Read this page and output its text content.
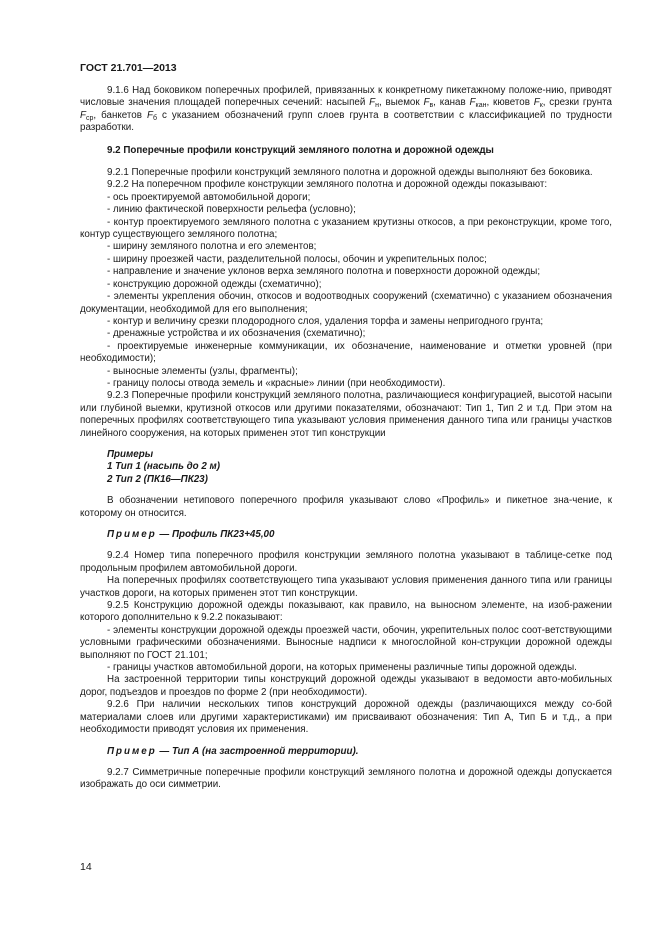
ГОСТ 21.701—2013

9.1.6 Над боковиком поперечных профилей, привязанных к конкретному пикетажному положе-нию, приводят числовые значения площадей поперечных сечений: насыпей $F_н$, выемок $F_в$, канав $F_{кан}$, кюветов $F_к$, срезки грунта $F_{ср}$, банкетов $F_б$ с указанием обозначений групп слоев грунта в соответствии с классификацией по трудности разработки.

9.2 Поперечные профили конструкций земляного полотна и дорожной одежды

9.2.1 Поперечные профили конструкций земляного полотна и дорожной одежды выполняют без боковика.

9.2.2 На поперечном профиле конструкции земляного полотна и дорожной одежды показывают:

- ось проектируемой автомобильной дороги;

- линию фактической поверхности рельефа (условно);

- контур проектируемого земляного полотна с указанием крутизны откосов, а при реконструкции, кроме того, контур существующего земляного полотна;

- ширину земляного полотна и его элементов;

- ширину проезжей части, разделительной полосы, обочин и укрепительных полос;

- направление и значение уклонов верха земляного полотна и поверхности дорожной одежды;

- конструкцию дорожной одежды (схематично);

- элементы укрепления обочин, откосов и водоотводных сооружений (схематично) с указанием обозначения документации, необходимой для его выполнения;

- контур и величину срезки плодородного слоя, удаления торфа и замены непригодного грунта;

- дренажные устройства и их обозначения (схематично);

- проектируемые инженерные коммуникации, их обозначение, наименование и отметки уровней (при необходимости);

- выносные элементы (узлы, фрагменты);

- границу полосы отвода земель и «красные» линии (при необходимости).

9.2.3 Поперечные профили конструкций земляного полотна, различающиеся конфигурацией, высотой насыпи или глубиной выемки, крутизной откосов или другими показателями, обозначают: Тип 1, Тип 2 и т.д. При этом на поперечных профилях соответствующего типа указывают условия применения данного типа или границы участков линейного сооружения, на которых применен этот тип конструкции

Примеры

1 Тип 1 (насыпь до 2 м)

2 Тип 2 (ПК16—ПК23)

В обозначении нетипового поперечного профиля указывают слово «Профиль» и пикетное зна-чение, к которому он относится.

Пример — Профиль ПК23+45,00

9.2.4 Номер типа поперечного профиля конструкции земляного полотна указывают в таблице-сетке под продольным профилем автомобильной дороги.

На поперечных профилях соответствующего типа указывают условия применения данного типа или границы участков дороги, на которых применен этот тип конструкции.

9.2.5 Конструкцию дорожной одежды показывают, как правило, на выносном элементе, на изоб-ражении которого дополнительно к 9.2.2 показывают:

- элементы конструкции дорожной одежды проезжей части, обочин, укрепительных полос соот-ветствующими условными графическими обозначениями. Выносные надписи к многослойной кон-струкции дорожной одежды выполняют по ГОСТ 21.101;

- границы участков автомобильной дороги, на которых применены различные типы дорожной одежды.

На застроенной территории типы конструкций дорожной одежды указывают в ведомости авто-мобильных дорог, подъездов и проездов по форме 2 (при необходимости).

9.2.6 При наличии нескольких типов конструкций дорожной одежды (различающихся между со-бой материалами слоев или другими характеристиками) им присваивают обозначения: Тип А, Тип Б и т.д., а при необходимости приводят условия их применения.

Пример — Тип А (на застроенной территории).

9.2.7 Симметричные поперечные профили конструкций земляного полотна и дорожной одежды допускается изображать до оси симметрии.

14
